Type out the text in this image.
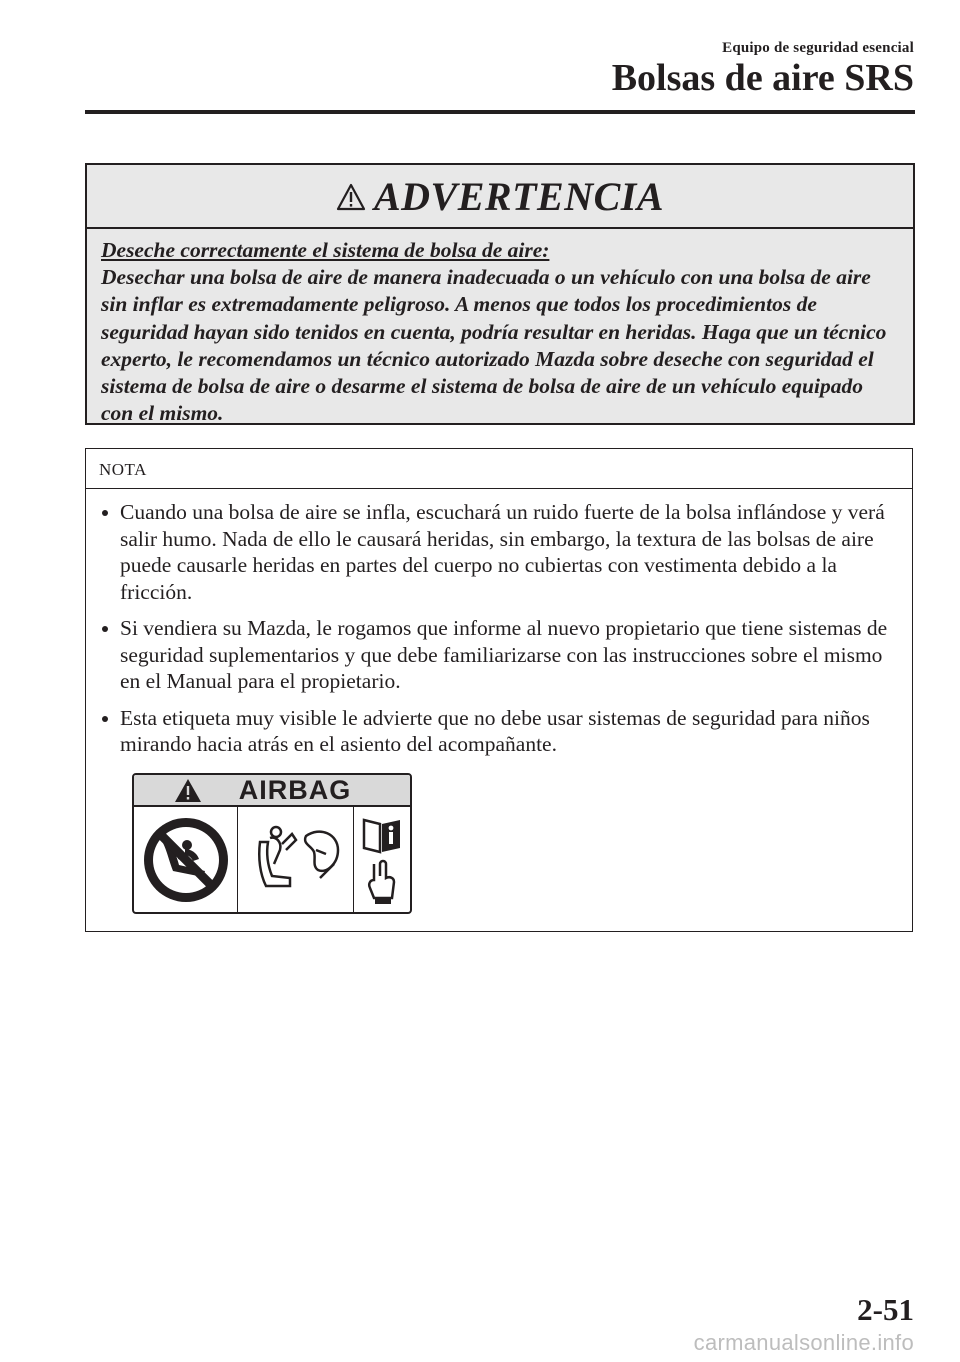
Equipo de seguridad esencial
Bolsas de aire SRS
ADVERTENCIA
Deseche correctamente el sistema de bolsa de aire:
Desechar una bolsa de aire de manera inadecuada o un vehículo con una bolsa de aire sin inflar es extremadamente peligroso. A menos que todos los procedimientos de seguridad hayan sido tenidos en cuenta, podría resultar en heridas. Haga que un técnico experto, le recomendamos un técnico autorizado Mazda sobre deseche con seguridad el sistema de bolsa de aire o desarme el sistema de bolsa de aire de un vehículo equipado con el mismo.
NOTA
Cuando una bolsa de aire se infla, escuchará un ruido fuerte de la bolsa inflándose y verá salir humo. Nada de ello le causará heridas, sin embargo, la textura de las bolsas de aire puede causarle heridas en partes del cuerpo no cubiertas con vestimenta debido a la fricción.
Si vendiera su Mazda, le rogamos que informe al nuevo propietario que tiene sistemas de seguridad suplementarios y que debe familiarizarse con las instrucciones sobre el mismo en el Manual para el propietario.
Esta etiqueta muy visible le advierte que no debe usar sistemas de seguridad para niños mirando hacia atrás en el asiento del acompañante.
AIRBAG
2-51
carmanualsonline.info
